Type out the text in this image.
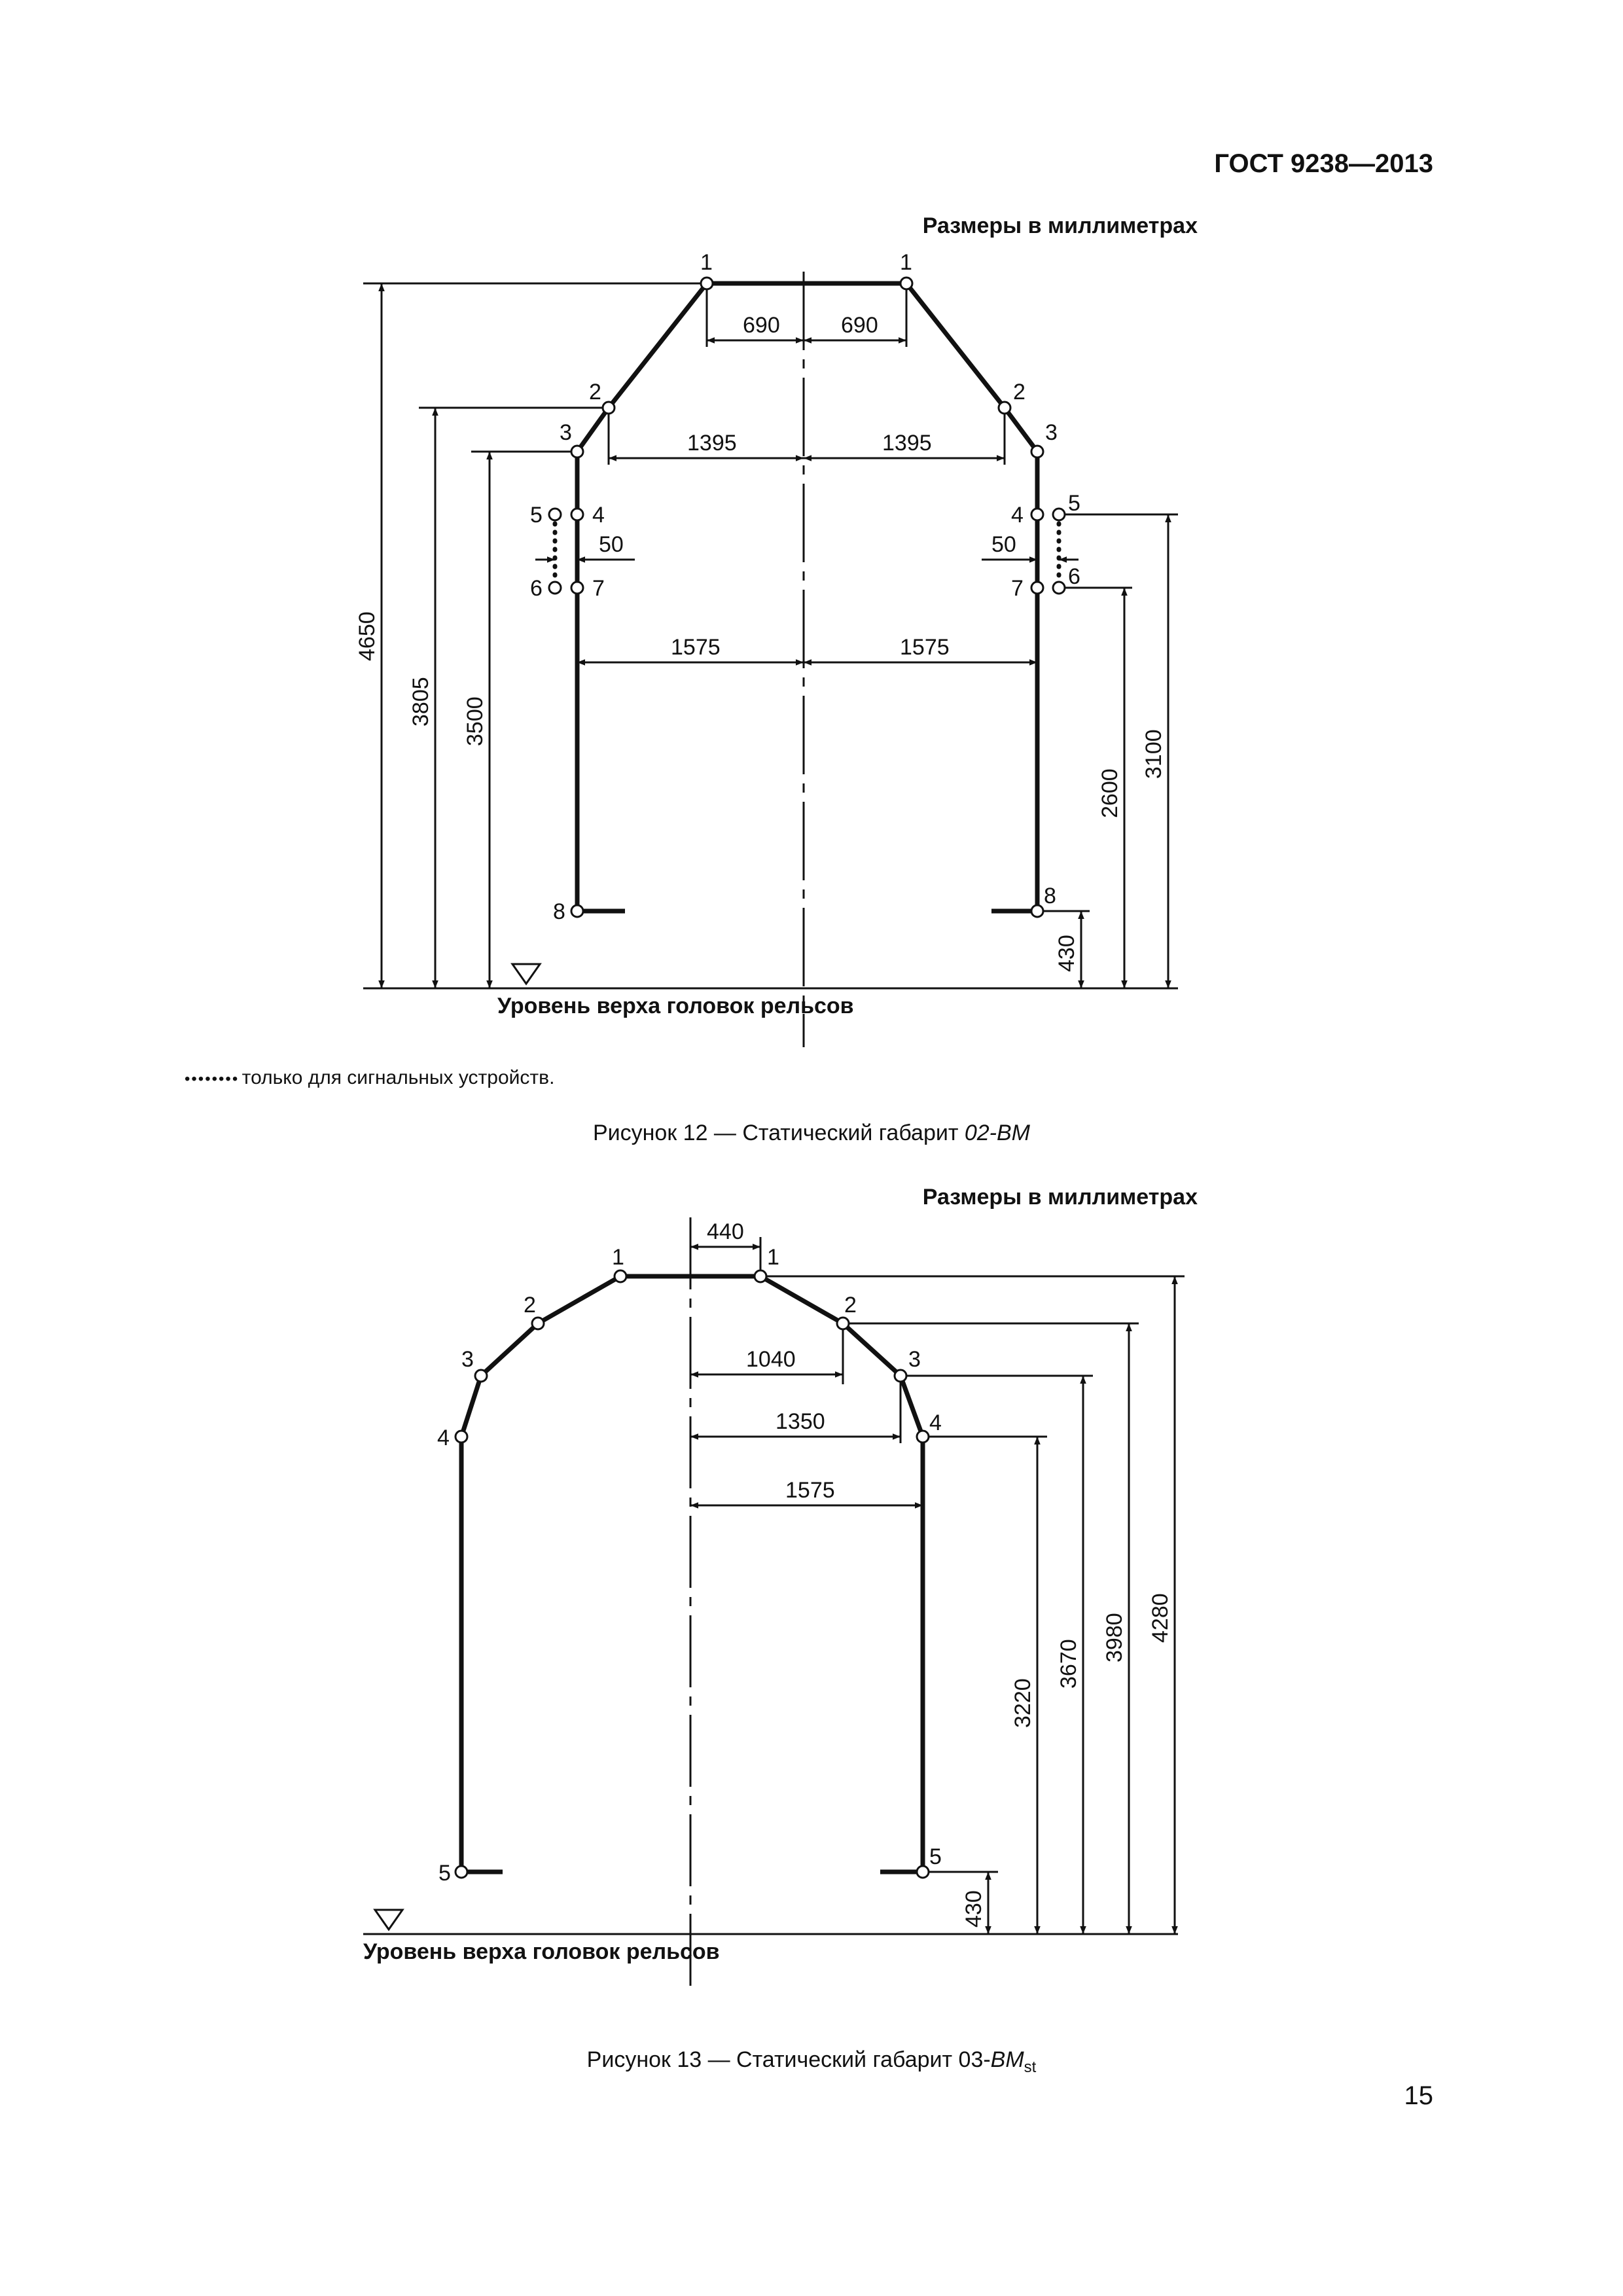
ГОСТ 9238—2013
Размеры в миллиметрах
1	1
2	2
3	3
4	4
5	5
6	6
7	7
8
8
690	690
1395	1395
50	50
1575	1575
4650
3805 3500
430
2600
3100
Уровень верха головок рельсов
•••••••• только для сигнальных устройств.
Рисунок 12 — Статический габарит 02-ВМ
Размеры в миллиметрах
1	1
2	2
3	3
4
4
5
5
440
1040
1350
1575
430
3220
3670
3980 4280
Уровень верха головок рельсов
Рисунок 13 — Статический габарит $03-ВМ_{st}$
15
